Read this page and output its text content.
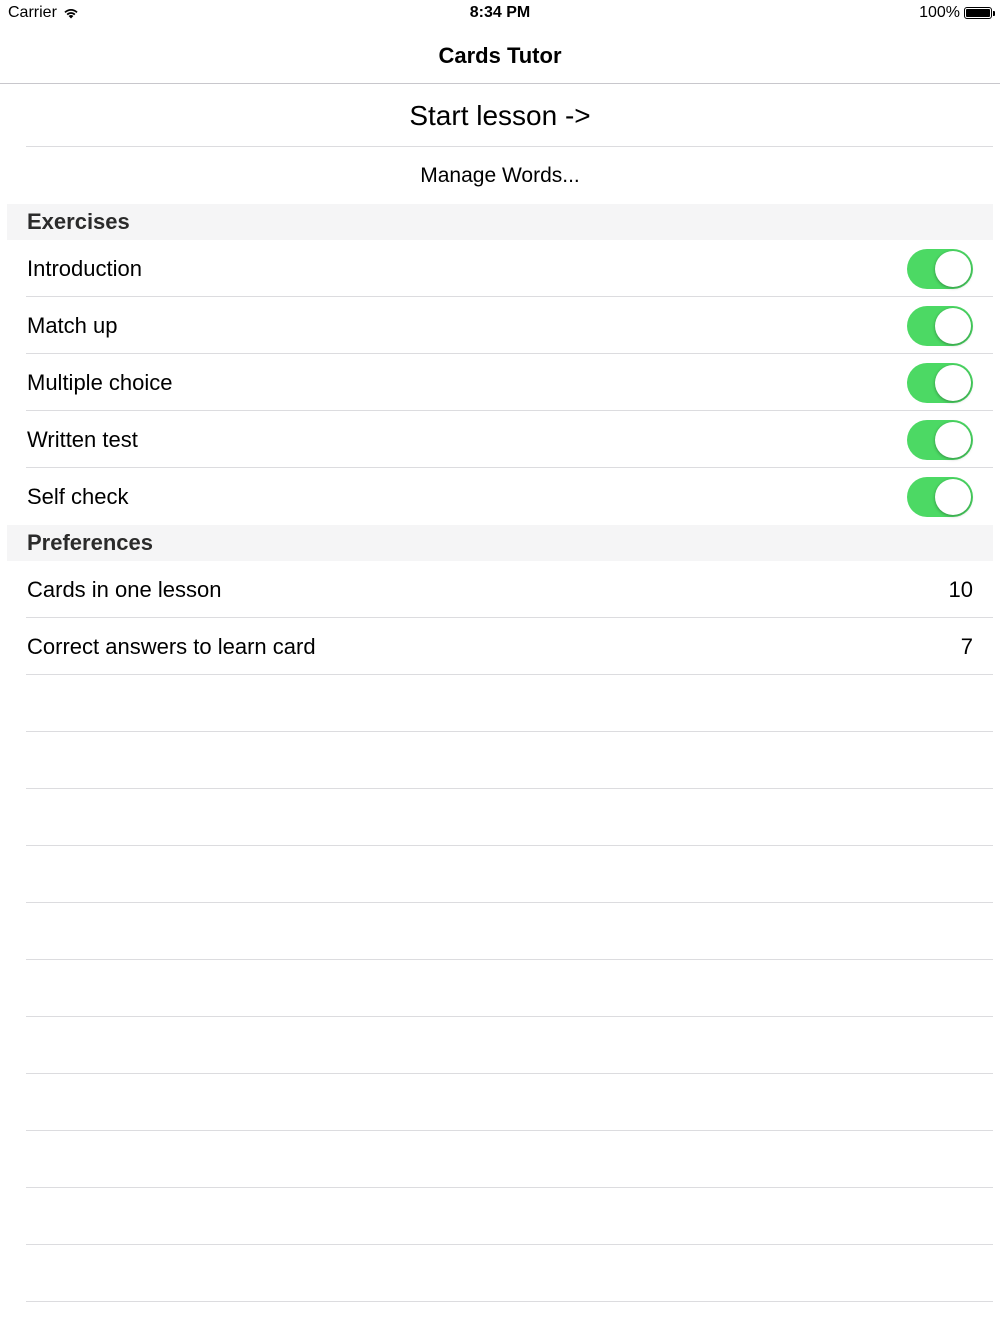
Carrier	8:34 PM	100%
Cards Tutor
Start lesson ->
Manage Words...
Exercises
Introduction
Match up
Multiple choice
Written test
Self check
Preferences
Cards in one lesson	10
Correct answers to learn card	7
